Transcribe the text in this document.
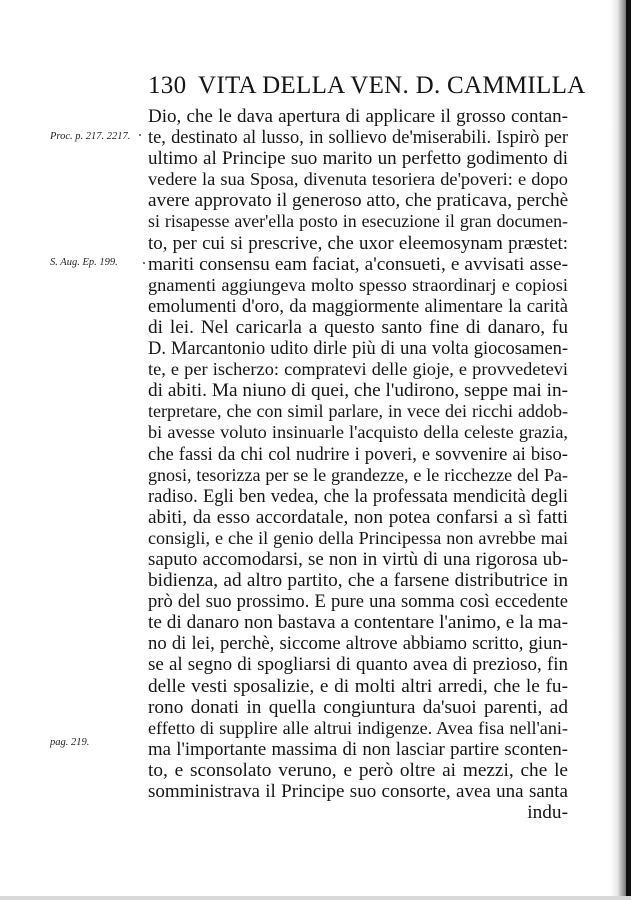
130 VITA DELLA VEN. D. CAMMILLA
Proc. p. 217. 2217.
S. Aug. Ep. 199.
pag. 219.
Dio, che le dava apertura di applicare il grosso contan-
te, destinato al lusso, in sollievo de'miserabili. Ispirò per
ultimo al Principe suo marito un perfetto godimento di
vedere la sua Sposa, divenuta tesoriera de'poveri: e dopo
avere approvato il generoso atto, che praticava, perchè
si risapesse aver'ella posto in esecuzione il gran documen-
to, per cui si prescrive, che uxor eleemosynam præstet:
mariti consensu eam faciat, a'consueti, e avvisati asse-
gnamenti aggiungeva molto spesso straordinarj e copiosi
emolumenti d'oro, da maggiormente alimentare la carità
di lei. Nel caricarla a questo santo fine di danaro, fu
D. Marcantonio udito dirle più di una volta giocosamen-
te, e per ischerzo: compratevi delle gioje, e provvedetevi
di abiti. Ma niuno di quei, che l'udirono, seppe mai in-
terpretare, che con simil parlare, in vece dei ricchi addob-
bi avesse voluto insinuarle l'acquisto della celeste grazia,
che fassi da chi col nudrire i poveri, e sovvenire ai biso-
gnosi, tesorizza per se le grandezze, e le ricchezze del Pa-
radiso. Egli ben vedea, che la professata mendicità degli
abiti, da esso accordatale, non potea confarsi a sì fatti
consigli, e che il genio della Principessa non avrebbe mai
saputo accomodarsi, se non in virtù di una rigorosa ub-
bidienza, ad altro partito, che a farsene distributrice in
prò del suo prossimo. E pure una somma così eccedente
te di danaro non bastava a contentare l'animo, e la ma-
no di lei, perchè, siccome altrove abbiamo scritto, giun-
se al segno di spogliarsi di quanto avea di prezioso, fin
delle vesti sposalizie, e di molti altri arredi, che le fu-
rono donati in quella congiuntura da'suoi parenti, ad
effetto di supplire alle altrui indigenze. Avea fisa nell'ani-
ma l'importante massima di non lasciar partire sconten-
to, e sconsolato veruno, e però oltre ai mezzi, che le
somministrava il Principe suo consorte, avea una santa
indu-
